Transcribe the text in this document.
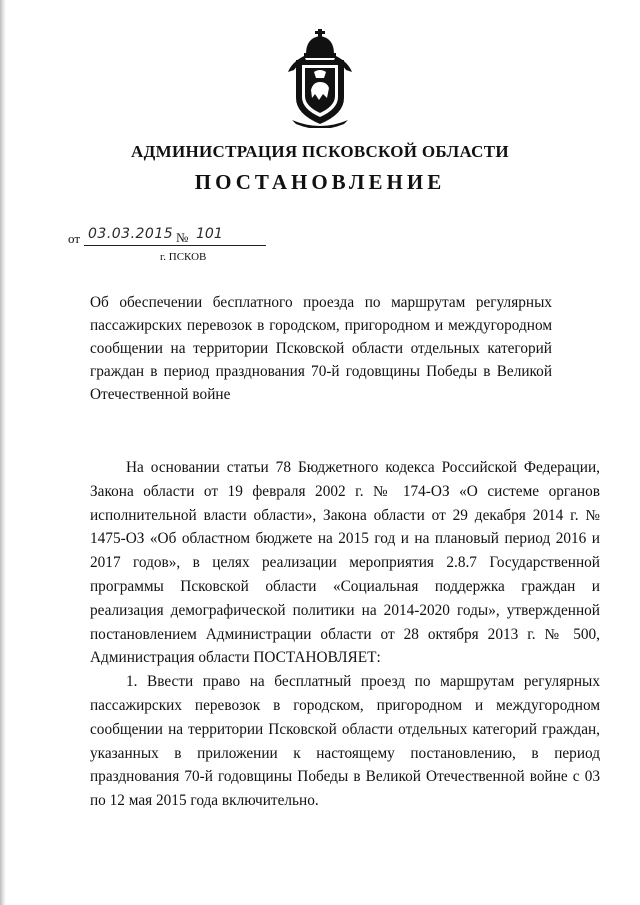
АДМИНИСТРАЦИЯ ПСКОВСКОЙ ОБЛАСТИ
ПОСТАНОВЛЕНИЕ
от 03.03.2015 № 101
г. ПСКОВ
Об обеспечении бесплатного проезда по маршрутам регулярных пассажирских перевозок в городском, пригородном и междугородном сообщении на территории Псковской области отдельных категорий граждан в период празднования 70-й годовщины Победы в Великой Отечественной войне

На основании статьи 78 Бюджетного кодекса Российской Федерации, Закона области от 19 февраля 2002 г. № 174-ОЗ «О системе органов исполнительной власти области», Закона области от 29 декабря 2014 г. № 1475-ОЗ «Об областном бюджете на 2015 год и на плановый период 2016 и 2017 годов», в целях реализации мероприятия 2.8.7 Государственной программы Псковской области «Социальная поддержка граждан и реализация демографической политики на 2014-2020 годы», утвержденной постановлением Администрации области от 28 октября 2013 г. № 500, Администрация области ПОСТАНОВЛЯЕТ:

1. Ввести право на бесплатный проезд по маршрутам регулярных пассажирских перевозок в городском, пригородном и междугородном сообщении на территории Псковской области отдельных категорий граждан, указанных в приложении к настоящему постановлению, в период празднования 70-й годовщины Победы в Великой Отечественной войне с 03 по 12 мая 2015 года включительно.
